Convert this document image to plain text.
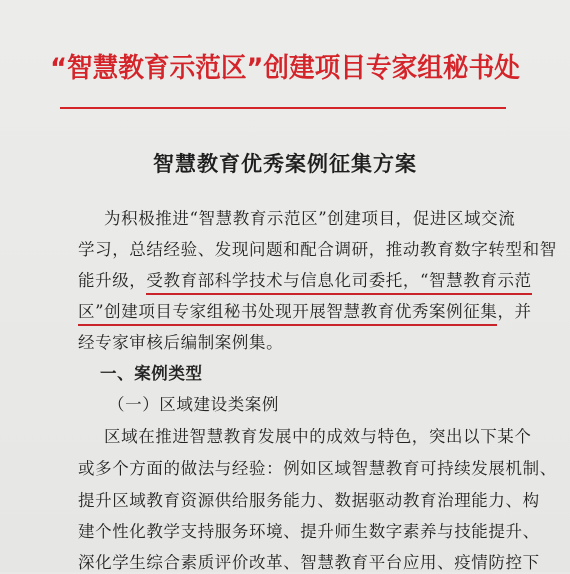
“智慧教育示范区”创建项目专家组秘书处
智慧教育优秀案例征集方案
为积极推进“智慧教育示范区”创建项目，促进区域交流
学习，总结经验、发现问题和配合调研，推动教育数字转型和智
能升级，受教育部科学技术与信息化司委托，“智慧教育示范
区”创建项目专家组秘书处现开展智慧教育优秀案例征集，并
经专家审核后编制案例集。
一、案例类型
（一）区域建设类案例
区域在推进智慧教育发展中的成效与特色，突出以下某个
或多个方面的做法与经验：例如区域智慧教育可持续发展机制、
提升区域教育资源供给服务能力、数据驱动教育治理能力、构
建个性化教学支持服务环境、提升师生数字素养与技能提升、
深化学生综合素质评价改革、智慧教育平台应用、疫情防控下
